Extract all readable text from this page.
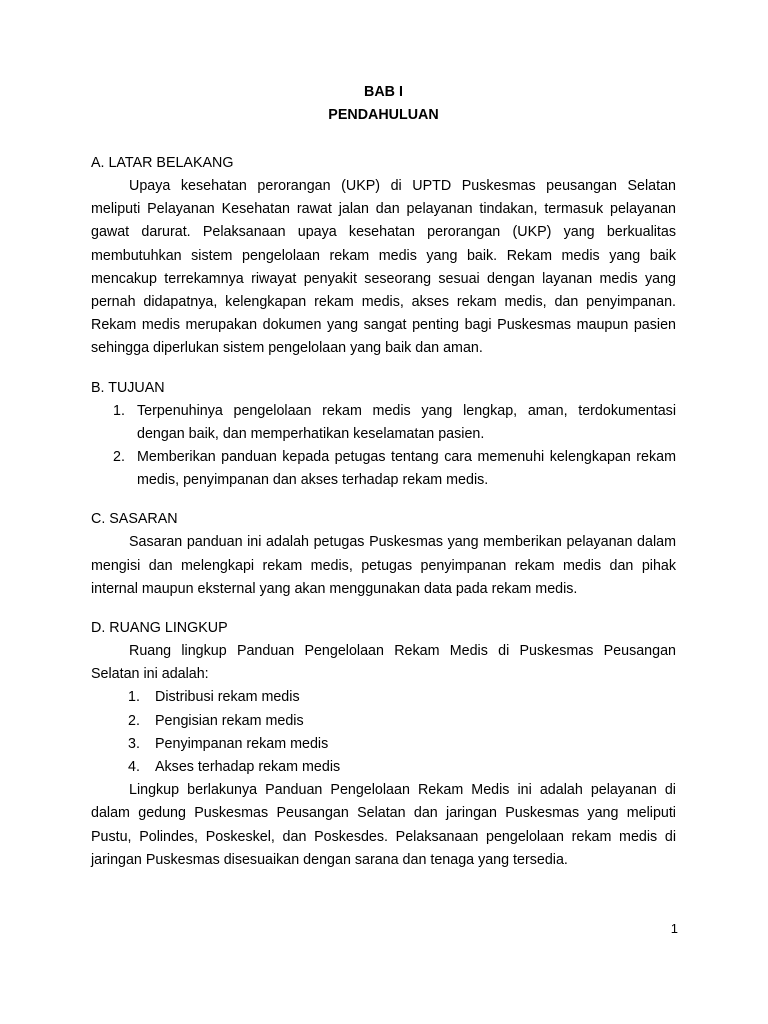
BAB I
PENDAHULUAN
A. LATAR BELAKANG

Upaya kesehatan perorangan (UKP) di UPTD Puskesmas peusangan Selatan meliputi Pelayanan Kesehatan rawat jalan dan pelayanan tindakan, termasuk pelayanan gawat darurat. Pelaksanaan upaya kesehatan perorangan (UKP) yang berkualitas membutuhkan sistem pengelolaan rekam medis yang baik. Rekam medis yang baik mencakup terrekamnya riwayat penyakit seseorang sesuai dengan layanan medis yang pernah didapatnya, kelengkapan rekam medis, akses rekam medis, dan penyimpanan. Rekam medis merupakan dokumen yang sangat penting bagi Puskesmas maupun pasien sehingga diperlukan sistem pengelolaan yang baik dan aman.

B. TUJUAN
1. Terpenuhinya pengelolaan rekam medis yang lengkap, aman, terdokumentasi dengan baik, dan memperhatikan keselamatan pasien.
2. Memberikan panduan kepada petugas tentang cara memenuhi kelengkapan rekam medis, penyimpanan dan akses terhadap rekam medis.
C. SASARAN

Sasaran panduan ini adalah petugas Puskesmas yang memberikan pelayanan dalam mengisi dan melengkapi rekam medis, petugas penyimpanan rekam medis dan pihak internal maupun eksternal yang akan menggunakan data pada rekam medis.

D. RUANG LINGKUP

Ruang lingkup Panduan Pengelolaan Rekam Medis di Puskesmas Peusangan Selatan ini adalah:

1. Distribusi rekam medis
2. Pengisian rekam medis
3. Penyimpanan rekam medis
4. Akses terhadap rekam medis

Lingkup berlakunya Panduan Pengelolaan Rekam Medis ini adalah pelayanan di dalam gedung Puskesmas Peusangan Selatan dan jaringan Puskesmas yang meliputi Pustu, Polindes, Poskeskel, dan Poskesdes. Pelaksanaan pengelolaan rekam medis di jaringan Puskesmas disesuaikan dengan sarana dan tenaga yang tersedia.

1
